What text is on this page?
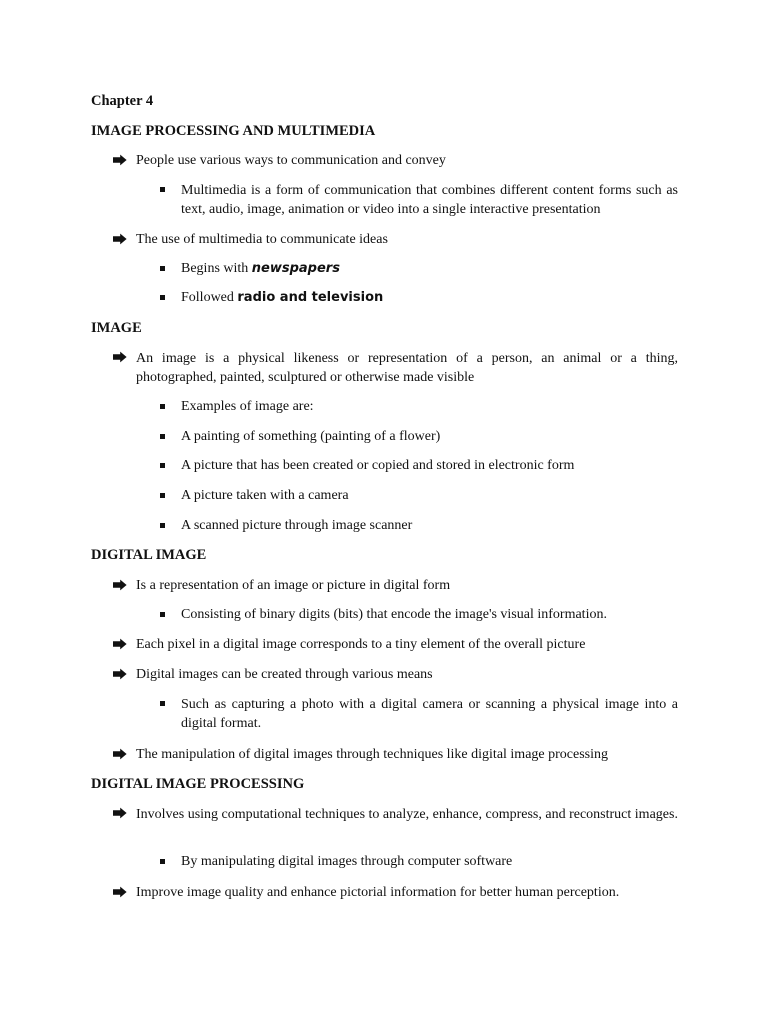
Chapter 4
IMAGE PROCESSING AND MULTIMEDIA
People use various ways to communication and convey
Multimedia is a form of communication that combines different content forms such as text, audio, image, animation or video into a single interactive presentation
The use of multimedia to communicate ideas
Begins with newspapers
Followed radio and television
IMAGE
An image is a physical likeness or representation of a person, an animal or a thing, photographed, painted, sculptured or otherwise made visible
Examples of image are:
A painting of something (painting of a flower)
A picture that has been created or copied and stored in electronic form
A picture taken with a camera
A scanned picture through image scanner
DIGITAL IMAGE
Is a representation of an image or picture in digital form
Consisting of binary digits (bits) that encode the image's visual information.
Each pixel in a digital image corresponds to a tiny element of the overall picture
Digital images can be created through various means
Such as capturing a photo with a digital camera or scanning a physical image into a digital format.
The manipulation of digital images through techniques like digital image processing
DIGITAL IMAGE PROCESSING
Involves using computational techniques to analyze, enhance, compress, and reconstruct images.
By manipulating digital images through computer software
Improve image quality and enhance pictorial information for better human perception.
